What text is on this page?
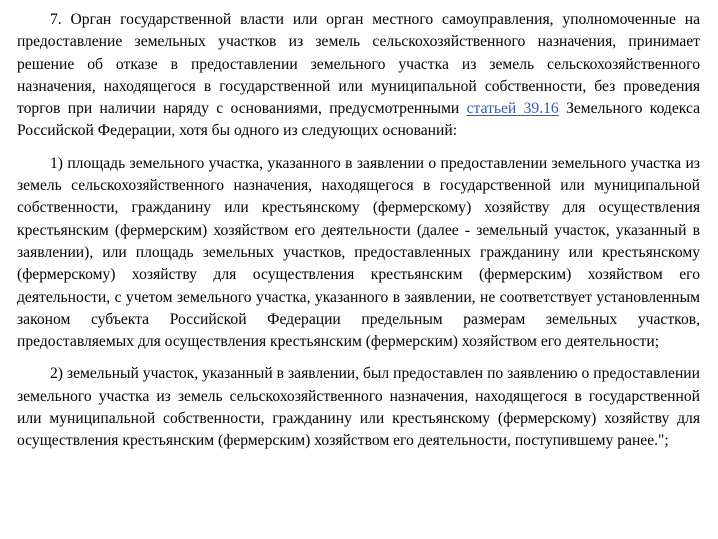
7. Орган государственной власти или орган местного самоуправления, уполномоченные на предоставление земельных участков из земель сельскохозяйственного назначения, принимает решение об отказе в предоставлении земельного участка из земель сельскохозяйственного назначения, находящегося в государственной или муниципальной собственности, без проведения торгов при наличии наряду с основаниями, предусмотренными статьей 39.16 Земельного кодекса Российской Федерации, хотя бы одного из следующих оснований:

1) площадь земельного участка, указанного в заявлении о предоставлении земельного участка из земель сельскохозяйственного назначения, находящегося в государственной или муниципальной собственности, гражданину или крестьянскому (фермерскому) хозяйству для осуществления крестьянским (фермерским) хозяйством его деятельности (далее - земельный участок, указанный в заявлении), или площадь земельных участков, предоставленных гражданину или крестьянскому (фермерскому) хозяйству для осуществления крестьянским (фермерским) хозяйством его деятельности, с учетом земельного участка, указанного в заявлении, не соответствует установленным законом субъекта Российской Федерации предельным размерам земельных участков, предоставляемых для осуществления крестьянским (фермерским) хозяйством его деятельности;

2) земельный участок, указанный в заявлении, был предоставлен по заявлению о предоставлении земельного участка из земель сельскохозяйственного назначения, находящегося в государственной или муниципальной собственности, гражданину или крестьянскому (фермерскому) хозяйству для осуществления крестьянским (фермерским) хозяйством его деятельности, поступившему ранее.";
